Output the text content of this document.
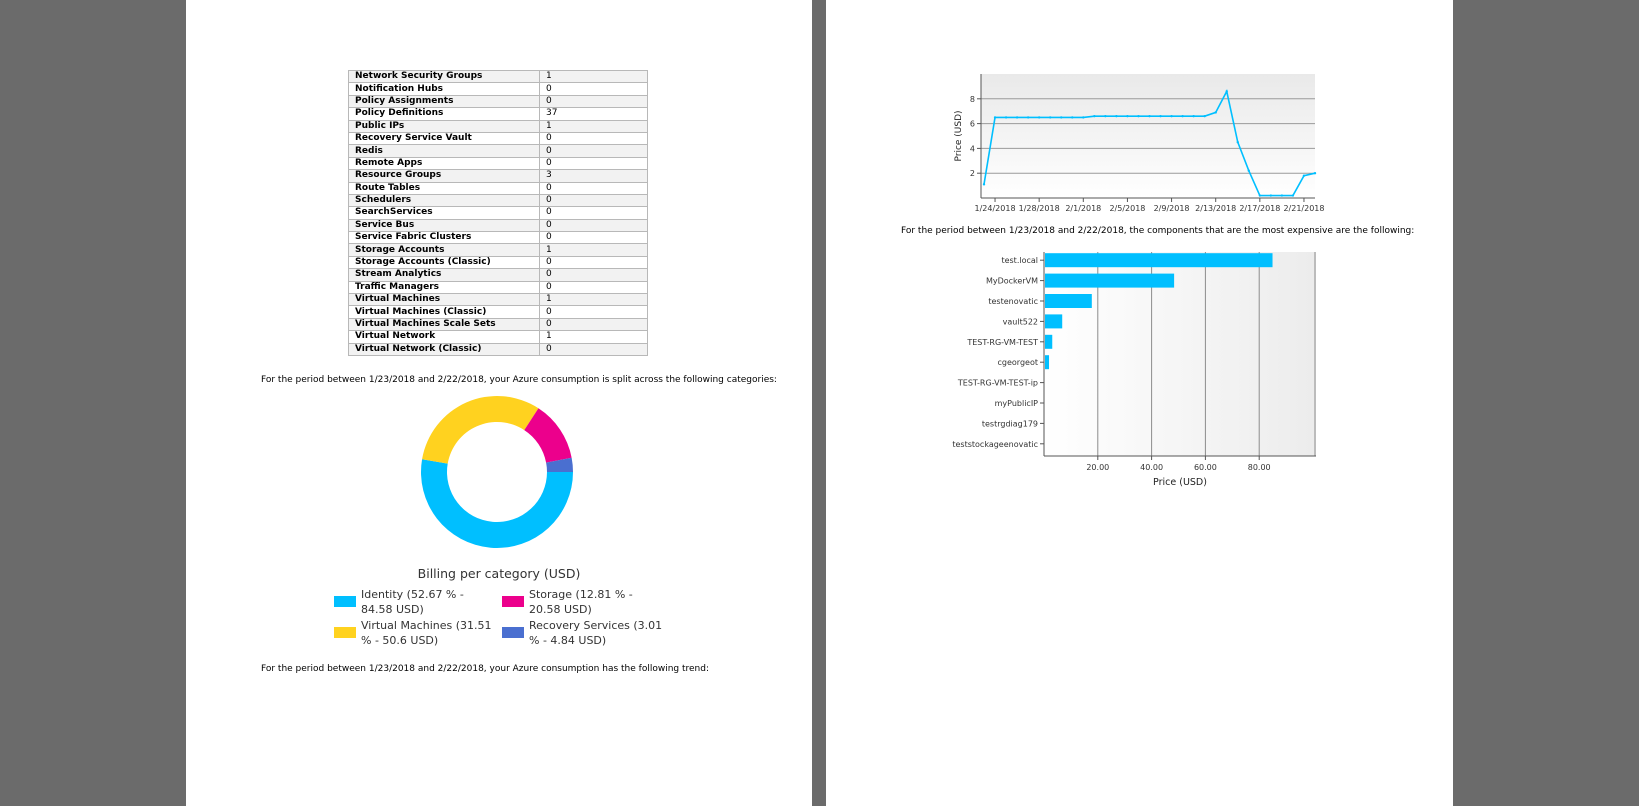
Network Security Groups	1
Notification Hubs	0
Policy Assignments	0
Policy Definitions	37
Public IPs	1
Recovery Service Vault	0
Redis	0
Remote Apps	0
Resource Groups	3
Route Tables	0
Schedulers	0
SearchServices	0
Service Bus	0
Service Fabric Clusters	0
Storage Accounts	1
Storage Accounts (Classic)	0
Stream Analytics	0
Traffic Managers	0
Virtual Machines	1
Virtual Machines (Classic)	0
Virtual Machines Scale Sets	0
Virtual Network	1
Virtual Network (Classic)	0
For the period between 1/23/2018 and 2/22/2018, your Azure consumption is split across the following categories:
Billing per category (USD)
Identity (52.67 % - 84.58 USD)
Storage (12.81 % - 20.58 USD)
Virtual Machines (31.51 % - 50.6 USD)
Recovery Services (3.01 % - 4.84 USD)
For the period between 1/23/2018 and 2/22/2018, your Azure consumption has the following trend:
2
4
6
8
1/24/2018 1/28/2018 2/1/2018 2/5/2018 2/9/2018 2/13/2018 2/17/2018 2/21/2018
Price (USD)
For the period between 1/23/2018 and 2/22/2018, the components that are the most expensive are the following:
20.00	40.00	60.00	80.00
test.local
MyDockerVM
testenovatic
vault522
TEST-RG-VM-TEST
cgeorgeot
TEST-RG-VM-TEST-ip
myPublicIP
testrgdiag179
teststockageenovatic
Price (USD)
